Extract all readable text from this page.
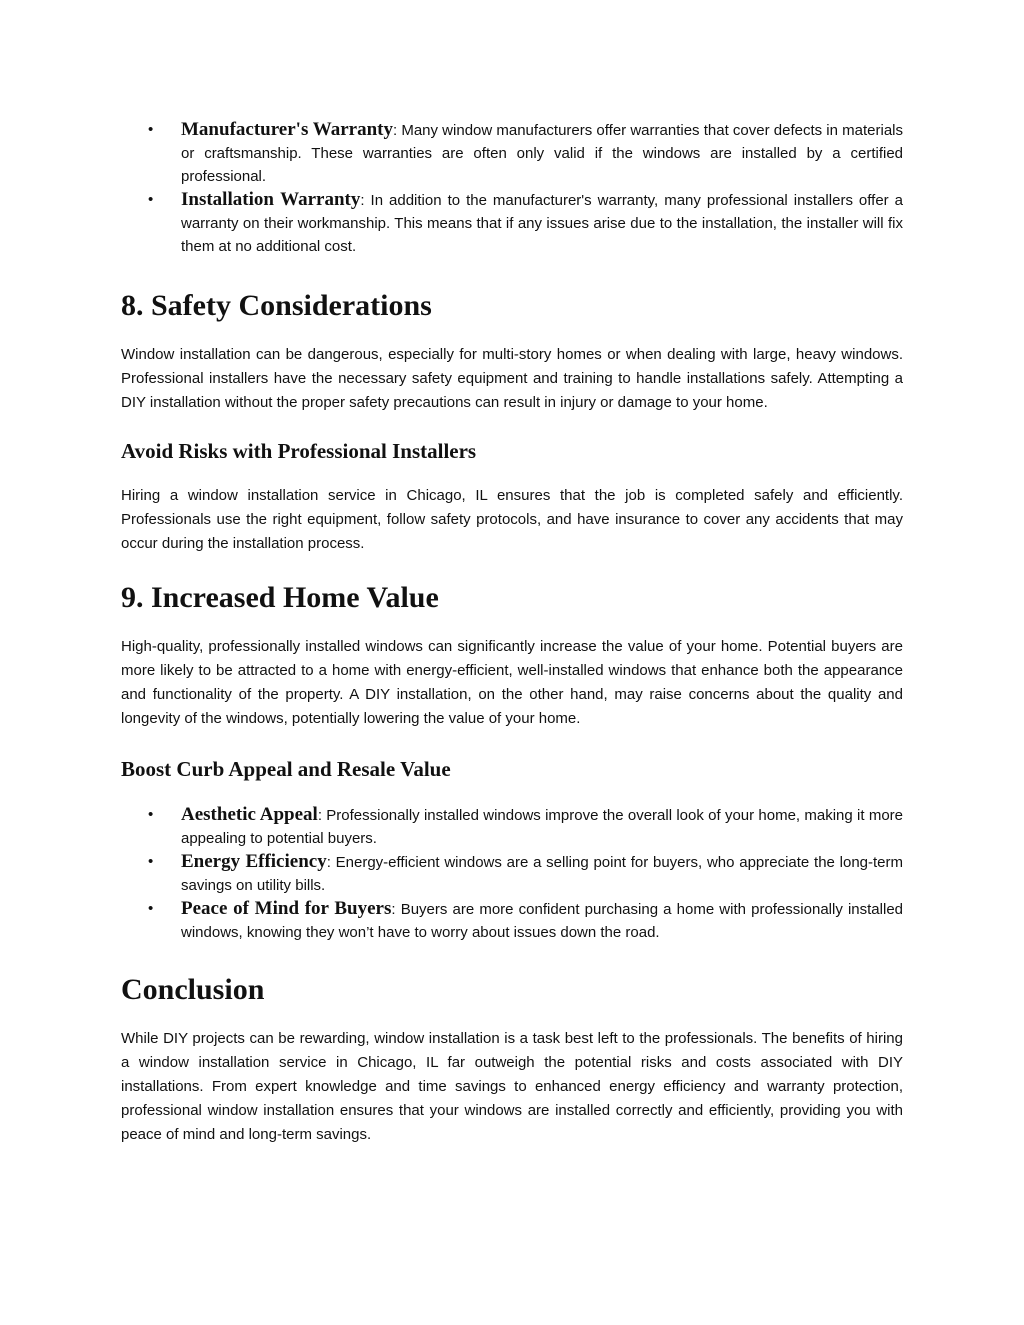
• Manufacturer's Warranty: Many window manufacturers offer warranties that cover defects in materials or craftsmanship. These warranties are often only valid if the windows are installed by a certified professional.
• Installation Warranty: In addition to the manufacturer's warranty, many professional installers offer a warranty on their workmanship. This means that if any issues arise due to the installation, the installer will fix them at no additional cost.
8. Safety Considerations

Window installation can be dangerous, especially for multi-story homes or when dealing with large, heavy windows. Professional installers have the necessary safety equipment and training to handle installations safely. Attempting a DIY installation without the proper safety precautions can result in injury or damage to your home.

Avoid Risks with Professional Installers

Hiring a window installation service in Chicago, IL ensures that the job is completed safely and efficiently. Professionals use the right equipment, follow safety protocols, and have insurance to cover any accidents that may occur during the installation process.

9. Increased Home Value

High-quality, professionally installed windows can significantly increase the value of your home. Potential buyers are more likely to be attracted to a home with energy-efficient, well-installed windows that enhance both the appearance and functionality of the property. A DIY installation, on the other hand, may raise concerns about the quality and longevity of the windows, potentially lowering the value of your home.

Boost Curb Appeal and Resale Value
• Aesthetic Appeal: Professionally installed windows improve the overall look of your home, making it more appealing to potential buyers.
• Energy Efficiency: Energy-efficient windows are a selling point for buyers, who appreciate the long-term savings on utility bills.
• Peace of Mind for Buyers: Buyers are more confident purchasing a home with professionally installed windows, knowing they won’t have to worry about issues down the road.
Conclusion

While DIY projects can be rewarding, window installation is a task best left to the professionals. The benefits of hiring a window installation service in Chicago, IL far outweigh the potential risks and costs associated with DIY installations. From expert knowledge and time savings to enhanced energy efficiency and warranty protection, professional window installation ensures that your windows are installed correctly and efficiently, providing you with peace of mind and long-term savings.
